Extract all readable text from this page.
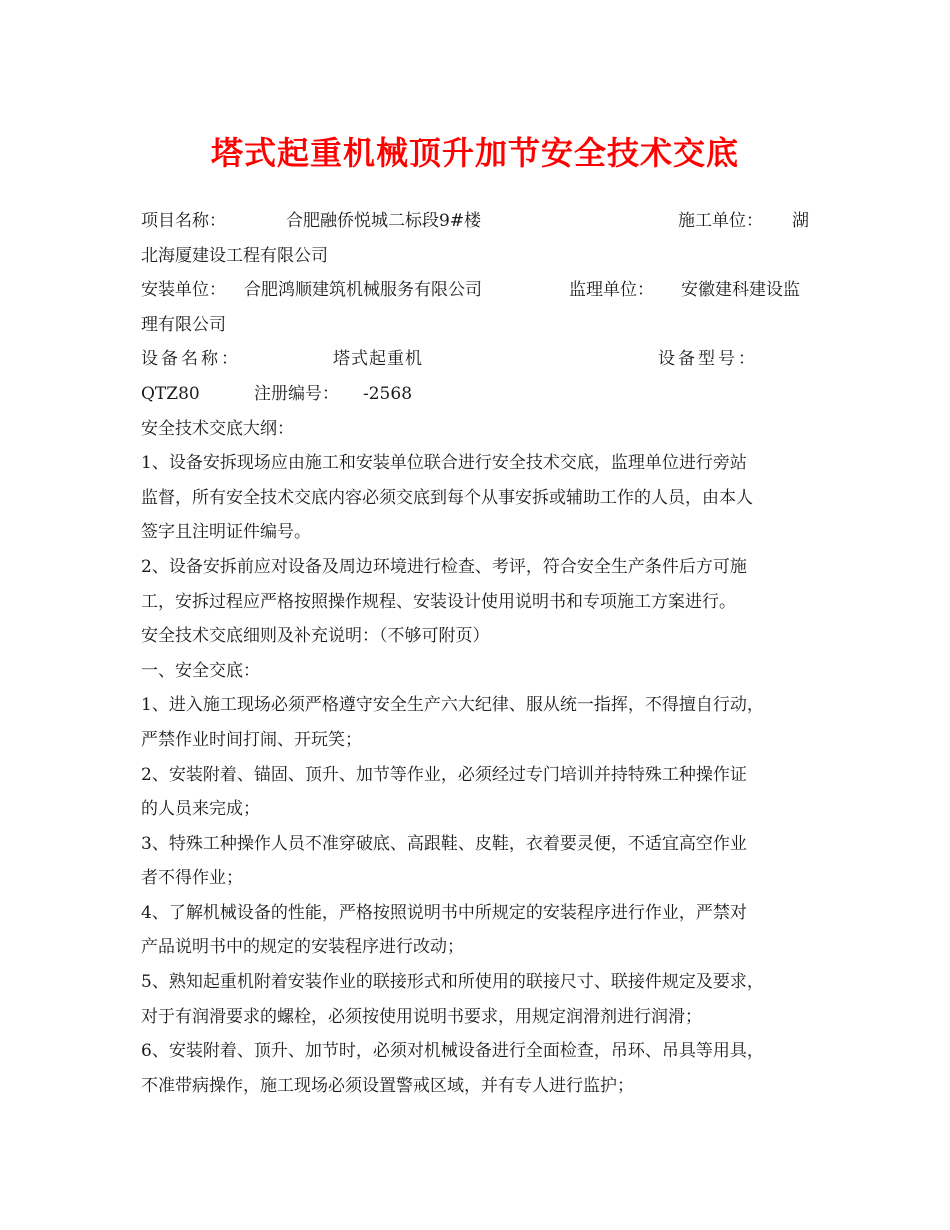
塔式起重机械顶升加节安全技术交底
项目名称：	合肥融侨悦城二标段9#楼	施工单位： 湖
北海厦建设工程有限公司
安装单位： 合肥鸿顺建筑机械服务有限公司	监理单位： 安徽建科建设监
理有限公司
设备名称：	塔式起重机	设备型号：
QTZ80	注册编号： -2568
安全技术交底大纲：
1、设备安拆现场应由施工和安装单位联合进行安全技术交底，监理单位进行旁站
监督，所有安全技术交底内容必须交底到每个从事安拆或辅助工作的人员，由本人
签字且注明证件编号。
2、设备安拆前应对设备及周边环境进行检查、考评，符合安全生产条件后方可施
工，安拆过程应严格按照操作规程、安装设计使用说明书和专项施工方案进行。
安全技术交底细则及补充说明：（不够可附页）
一、安全交底：
1、进入施工现场必须严格遵守安全生产六大纪律、服从统一指挥，不得擅自行动，
严禁作业时间打闹、开玩笑；
2、安装附着、锚固、顶升、加节等作业，必须经过专门培训并持特殊工种操作证
的人员来完成；
3、特殊工种操作人员不准穿破底、高跟鞋、皮鞋，衣着要灵便，不适宜高空作业
者不得作业；
4、了解机械设备的性能，严格按照说明书中所规定的安装程序进行作业，严禁对
产品说明书中的规定的安装程序进行改动；
5、熟知起重机附着安装作业的联接形式和所使用的联接尺寸、联接件规定及要求，
对于有润滑要求的螺栓，必须按使用说明书要求，用规定润滑剂进行润滑；
6、安装附着、顶升、加节时，必须对机械设备进行全面检查，吊环、吊具等用具，
不准带病操作，施工现场必须设置警戒区域，并有专人进行监护；
